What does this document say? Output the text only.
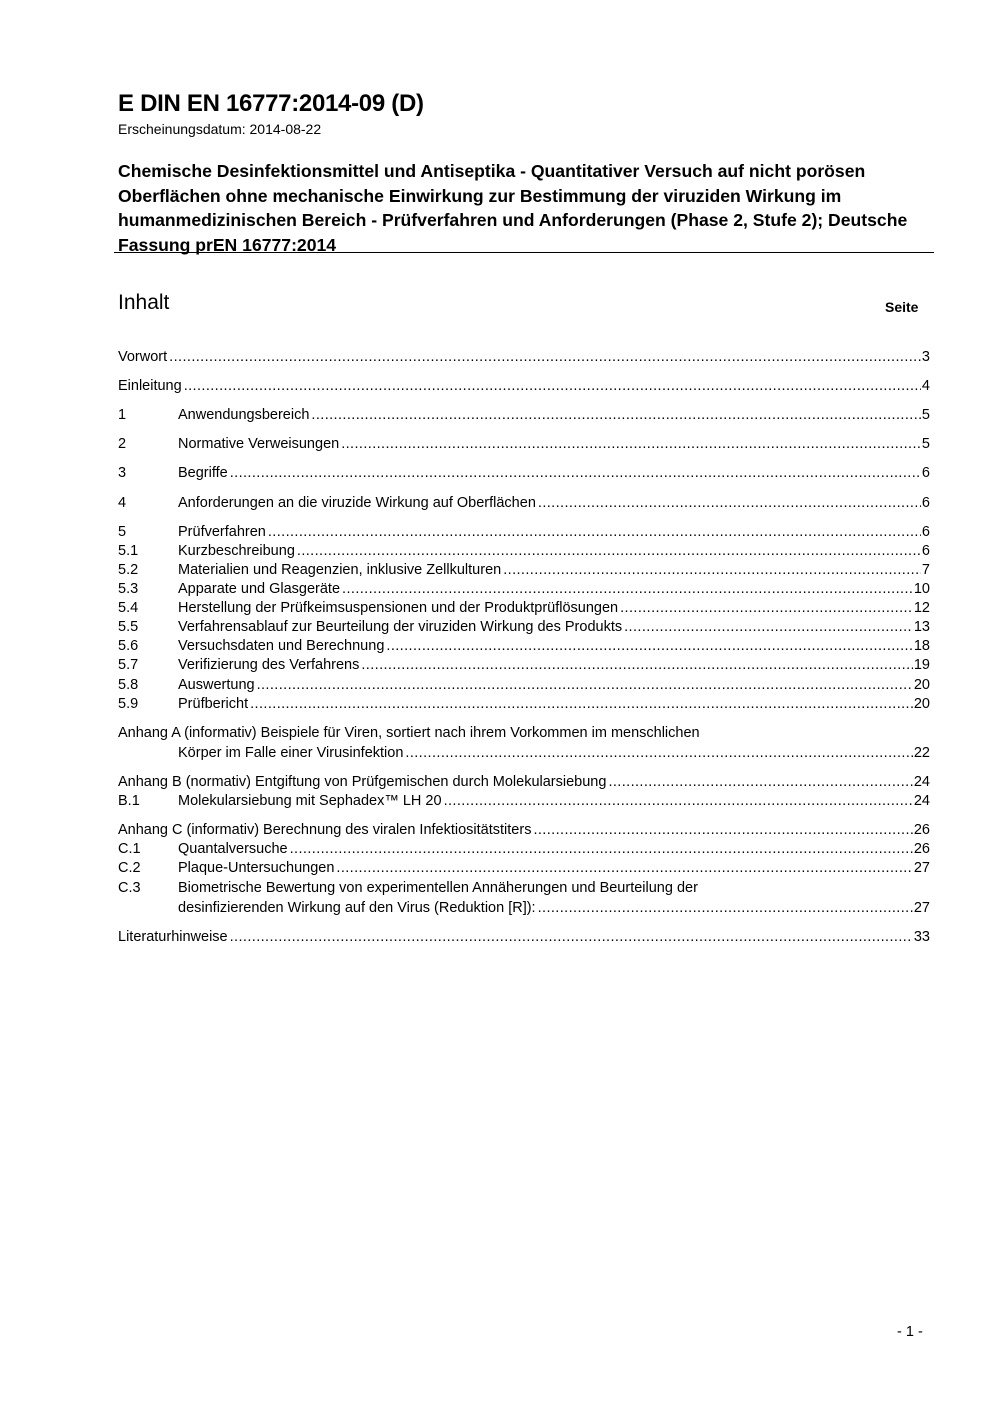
E DIN EN 16777:2014-09 (D)
Erscheinungsdatum: 2014-08-22
Chemische Desinfektionsmittel und Antiseptika - Quantitativer Versuch auf nicht porösen Oberflächen ohne mechanische Einwirkung zur Bestimmung der viruziden Wirkung im humanmedizinischen Bereich - Prüfverfahren und Anforderungen (Phase 2, Stufe 2); Deutsche Fassung prEN 16777:2014
Inhalt	Seite
Vorwort .....	3
Einleitung .....	4
1	Anwendungsbereich .....	5
2	Normative Verweisungen .....	5
3	Begriffe .....	6
4	Anforderungen an die viruzide Wirkung auf Oberflächen .....	6
5	Prüfverfahren .....	6
5.1	Kurzbeschreibung .....	6
5.2	Materialien und Reagenzien, inklusive Zellkulturen .....	7
5.3	Apparate und Glasgeräte .....	10
5.4	Herstellung der Prüfkeimsuspensionen und der Produktprüflösungen .....	12
5.5	Verfahrensablauf zur Beurteilung der viruziden Wirkung des Produkts .....	13
5.6	Versuchsdaten und Berechnung .....	18
5.7	Verifizierung des Verfahrens .....	19
5.8	Auswertung .....	20
5.9	Prüfbericht .....	20
Anhang A (informativ) Beispiele für Viren, sortiert nach ihrem Vorkommen im menschlichen
Körper im Falle einer Virusinfektion .....	22
Anhang B (normativ) Entgiftung von Prüfgemischen durch Molekularsiebung .....	24
B.1	Molekularsiebung mit Sephadex™ LH 20 .....	24
Anhang C (informativ) Berechnung des viralen Infektiositätstiters .....	26
C.1	Quantalversuche .....	26
C.2	Plaque-Untersuchungen .....	27
C.3	Biometrische Bewertung von experimentellen Annäherungen und Beurteilung der
desinfizierenden Wirkung auf den Virus (Reduktion [R]): .....	27
Literaturhinweise .....	33
- 1 -
